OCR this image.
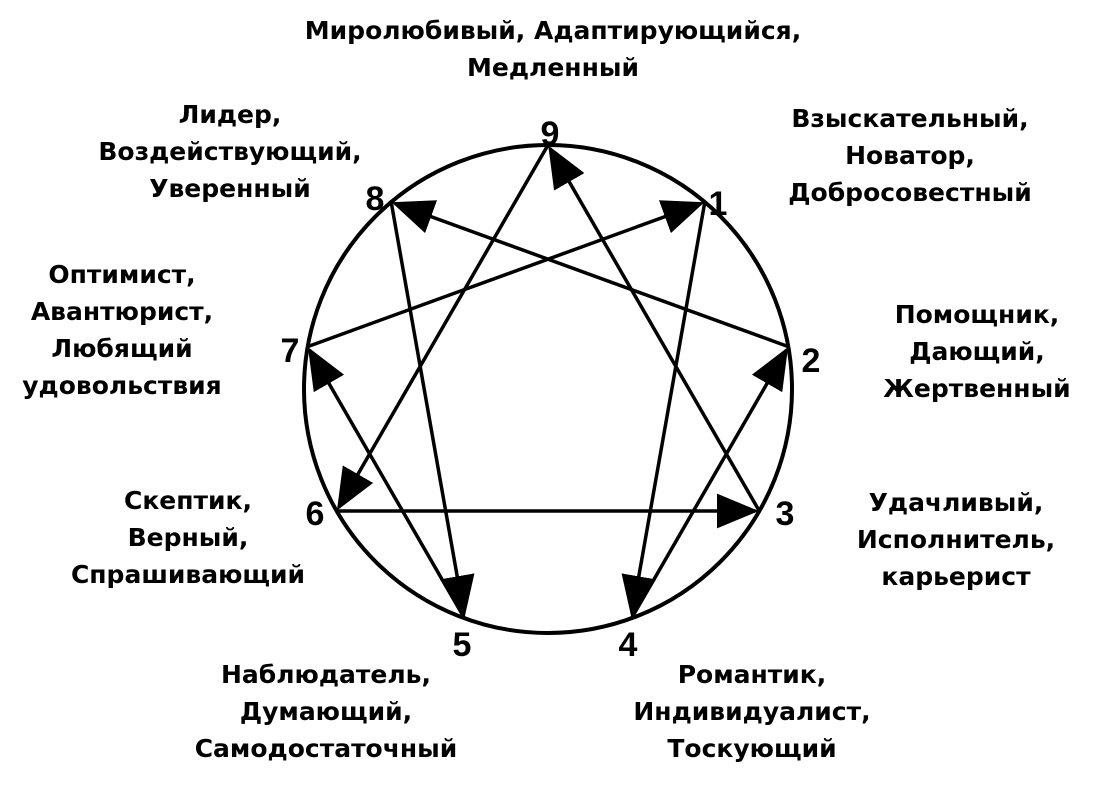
9
1
2
3
4
5
6
7
8
Миролюбивый, Адаптирующийся,
Медленный
Взыскательный,
Новатор,
Добросовестный
Помощник,
Дающий,
Жертвенный
Удачливый,
Исполнитель,
карьерист
Романтик,
Индивидуалист,
Тоскующий
Наблюдатель,
Думающий,
Самодостаточный
Скептик,
Верный,
Спрашивающий
Оптимист,
Авантюрист,
Любящий
удовольствия
Лидер,
Воздействующий,
Уверенный
